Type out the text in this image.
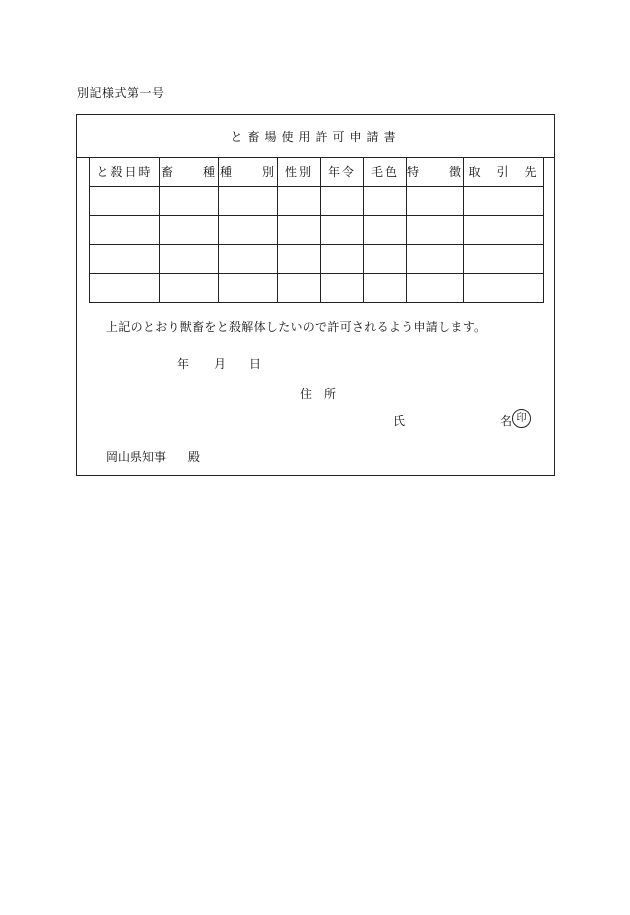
別記様式第一号
と畜場使用許可申請書
と殺日時	畜　　種	種　　別	性別	年令	毛色	特　　徴	取　引　先

上記のとおり獣畜をと殺解体したいので許可されるよう申請します。
年 月 日
住 所
氏	名 印
岡山県知事 殿
